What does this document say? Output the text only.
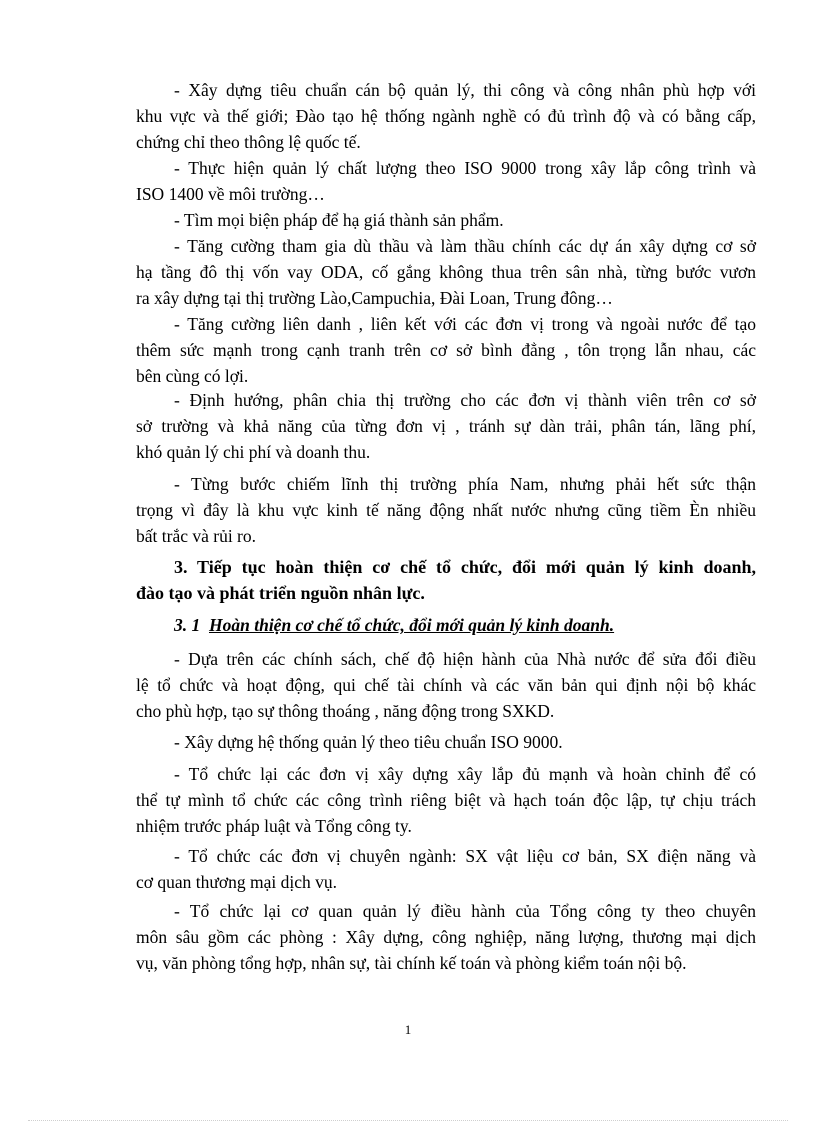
- Xây dựng tiêu chuẩn cán bộ quản lý, thi công và công nhân phù hợp với
khu vực và thế giới; Đào tạo hệ thống ngành nghề có đủ trình độ và có bằng cấp,
chứng chỉ theo thông lệ quốc tế.

- Thực hiện quản lý chất lượng theo ISO 9000 trong xây lắp công trình và
ISO 1400 về môi trường…

- Tìm mọi biện pháp để hạ giá thành sản phẩm.

- Tăng cường tham gia dù thầu và làm thầu chính các dự án xây dựng cơ sở
hạ tầng đô thị vốn vay ODA, cố gắng không thua trên sân nhà, từng bước vươn
ra xây dựng tại thị trường Lào,Campuchia, Đài Loan, Trung đông…

- Tăng cường liên danh , liên kết với các đơn vị trong và ngoài nước để tạo
thêm sức mạnh trong cạnh tranh trên cơ sở bình đẳng , tôn trọng lẫn nhau, các
bên cùng có lợi.

- Định hướng, phân chia thị trường cho các đơn vị thành viên trên cơ sở
sở trường và khả năng của từng đơn vị , tránh sự dàn trải, phân tán, lãng phí,
khó quản lý chi phí và doanh thu.

- Từng bước chiếm lĩnh thị trường phía Nam, nhưng phải hết sức thận
trọng vì đây là khu vực kinh tế năng động nhất nước nhưng cũng tiềm Èn nhiều
bất trắc và rủi ro.

3. Tiếp tục hoàn thiện cơ chế tổ chức, đổi mới quản lý kinh doanh,
đào tạo và phát triển nguồn nhân lực.

3. 1 Hoàn thiện cơ chế tổ chức, đổi mới quản lý kinh doanh.

- Dựa trên các chính sách, chế độ hiện hành của Nhà nước để sửa đổi điều
lệ tổ chức và hoạt động, qui chế tài chính và các văn bản qui định nội bộ khác
cho phù hợp, tạo sự thông thoáng , năng động trong SXKD.

- Xây dựng hệ thống quản lý theo tiêu chuẩn ISO 9000.

- Tổ chức lại các đơn vị xây dựng xây lắp đủ mạnh và hoàn chỉnh để có
thể tự mình tổ chức các công trình riêng biệt và hạch toán độc lập, tự chịu trách
nhiệm trước pháp luật và Tổng công ty.

- Tổ chức các đơn vị chuyên ngành: SX vật liệu cơ bản, SX điện năng và
cơ quan thương mại dịch vụ.

- Tổ chức lại cơ quan quản lý điều hành của Tổng công ty theo chuyên
môn sâu gồm các phòng : Xây dựng, công nghiệp, năng lượng, thương mại dịch
vụ, văn phòng tổng hợp, nhân sự, tài chính kế toán và phòng kiểm toán nội bộ.

1
